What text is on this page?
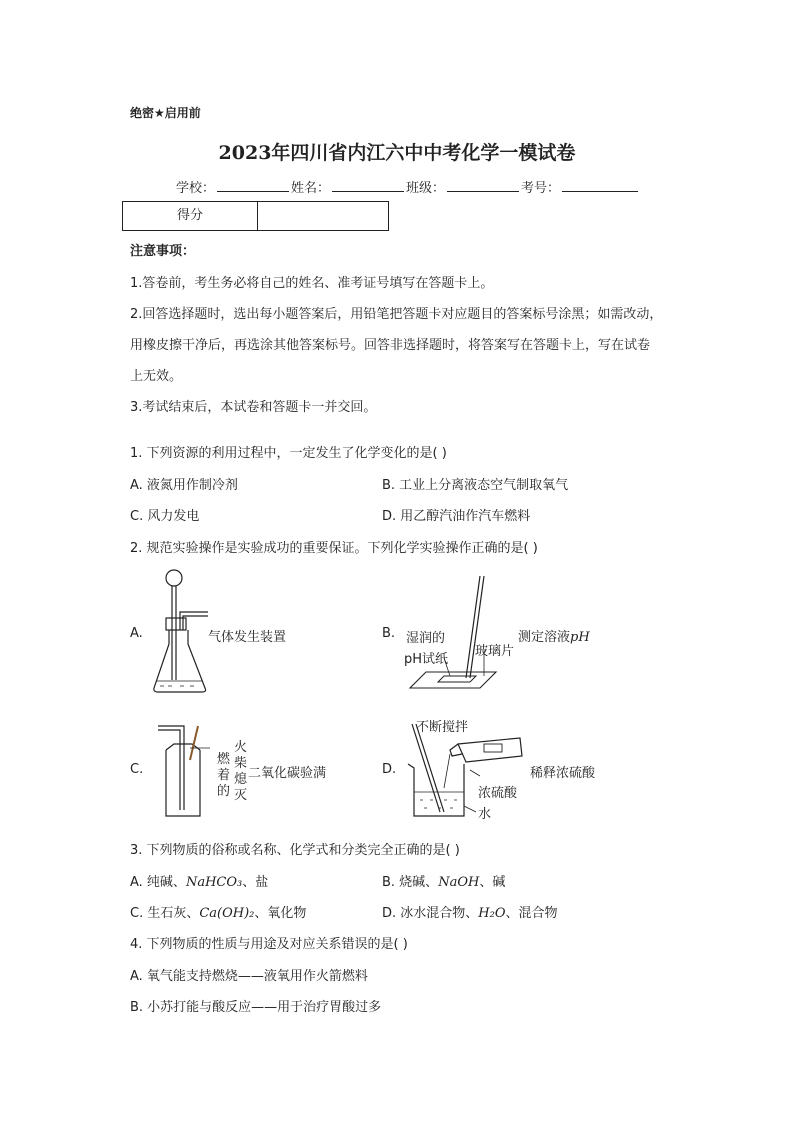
绝密★启用前
2023年四川省内江六中中考化学一模试卷
学校：	姓名：	班级：	考号：
得分
注意事项：
1.答卷前，考生务必将自己的姓名、准考证号填写在答题卡上。
2.回答选择题时，选出每小题答案后，用铅笔把答题卡对应题目的答案标号涂黑；如需改动，
用橡皮擦干净后，再选涂其他答案标号。回答非选择题时，将答案写在答题卡上，写在试卷
上无效。
3.考试结束后，本试卷和答题卡一并交回。
1. 下列资源的利用过程中，一定发生了化学变化的是( )
A. 液氮用作制冷剂	B. 工业上分离液态空气制取氧气
C. 风力发电	D. 用乙醇汽油作汽车燃料
2. 规范实验操作是实验成功的重要保证。下列化学实验操作正确的是( )
A.	气体发生装置	B. 湿润的
pH试纸
玻璃片
测定溶液pH
C.
燃
着
的
火
柴
熄
灭
二氧化碳验满	D.
不断搅拌
稀释浓硫酸
浓硫酸
水
3. 下列物质的俗称或名称、化学式和分类完全正确的是( )
A. 纯碱、NaHCO₃、盐	B. 烧碱、NaOH、碱
C. 生石灰、Ca(OH)₂、氧化物	D. 冰水混合物、H₂O、混合物
4. 下列物质的性质与用途及对应关系错误的是( )
A. 氧气能支持燃烧——液氧用作火箭燃料
B. 小苏打能与酸反应——用于治疗胃酸过多
